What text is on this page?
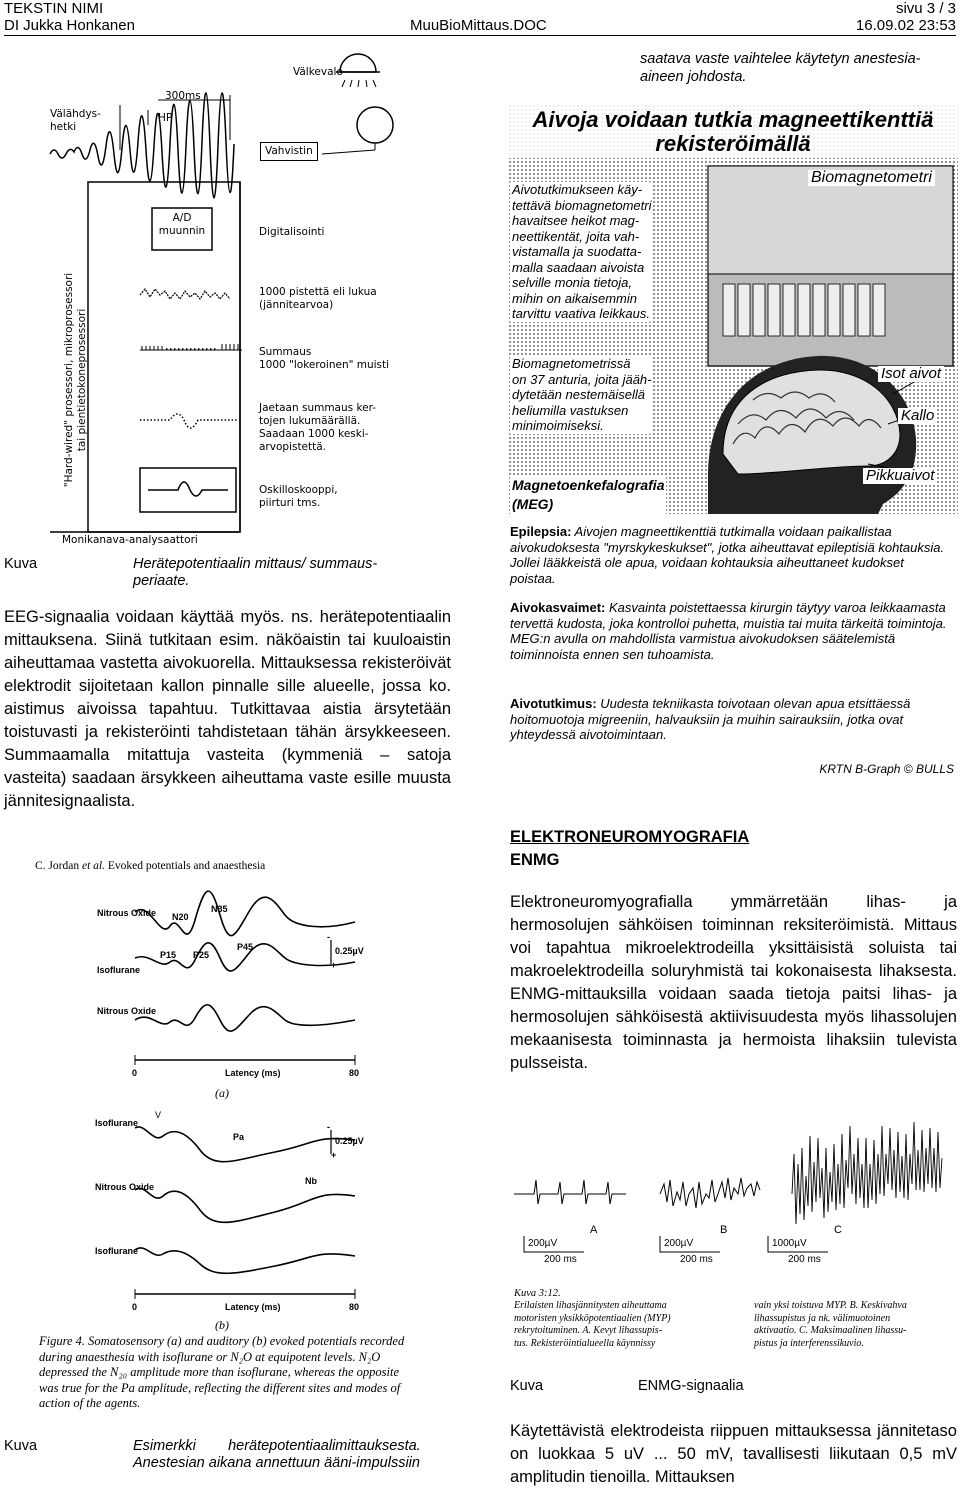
TEKSTIN NIMI
DI Jukka Honkanen	MuuBioMittaus.DOC
sivu 3 / 3
16.09.02 23:53
Välähdys-
hetki
300ms
HP
Välkevalo
Vahvistin
A/D
muunnin
"Hard-wired" prosessori, mikroprosessori
tai pientietokoneprosessori
Digitalisointi
1000 pistettä eli lukua
(jännitearvoa)
Summaus
1000 "lokeroinen" muisti
Jaetaan summaus ker-
tojen lukumäärällä.
Saadaan 1000 keski-
arvopistettä.
Oskilloskooppi,
piirturi tms.
Monikanava-analysaattori
Kuva	Herätepotentiaalin mittaus/ summaus-
periaate.
EEG-signaalia voidaan käyttää myös. ns. herätepotentiaalin mittauksena. Siinä tutkitaan esim. näköaistin tai kuuloaistin aiheuttamaa vastetta aivokuorella. Mittauksessa rekisteröivät elektrodit sijoitetaan kallon pinnalle sille alueelle, jossa ko. aistimus aivoissa tapahtuu. Tutkittavaa aistia ärsytetään toistuvasti ja rekisteröinti tahdistetaan tähän ärsykkeeseen. Summaamalla mitattuja vasteita (kymmeniä – satoja vasteita) saadaan ärsykkeen aiheuttama vaste esille muusta jännitesignaalista.
C. Jordan et al. Evoked potentials and anaesthesia
Nitrous Oxide
Isoflurane
Nitrous Oxide
N20
N35
P15 P25
P45	0.25µV
-
+
0	Latency (ms)	80
(a)
Isoflurane
Nitrous Oxide
Isoflurane
V
Pa
Nb
0.25µV
-
+
0	Latency (ms)	80
(b)
Figure 4. Somatosensory (a) and auditory (b) evoked potentials recorded during anaesthesia with isoflurane or N₂O at equipotent levels. N₂O depressed the N₂₀ amplitude more than isoflurane, whereas the opposite was true for the Pa amplitude, reflecting the different sites and modes of action of the agents.
Kuva	Esimerkki        herätepotentiaalimittauksesta.
Anestesian aikana annettuun ääni-impulssiin
saatava vaste vaihtelee käytetyn anestesia-aineen johdosta.
Aivoja voidaan tutkia magneettikenttiä
rekisteröimällä
Biomagnetometri
Aivotutkimukseen käy-
tettävä biomagnetometri
havaitsee heikot mag-
neettikentät, joita vah-
vistamalla ja suodatta-
malla saadaan aivoista
selville monia tietoja,
mihin on aikaisemmin
tarvittu vaativa leikkaus.
Biomagnetometrissä
on 37 anturia, joita jääh-
dytetään nestemäisellä
heliumilla vastuksen
minimoimiseksi.
Isot aivot
Kallo
Pikkuaivot
Magnetoenkefalografia
(MEG)
Epilepsia: Aivojen magneettikenttiä tutkimalla voidaan paikallistaa aivokudoksesta "myrskykeskukset", jotka aiheuttavat epileptisiä kohtauksia. Jollei lääkkeistä ole apua, voidaan kohtauksia aiheuttaneet kudokset poistaa.
Aivokasvaimet: Kasvainta poistettaessa kirurgin täytyy varoa leikkaamasta tervettä kudosta, joka kontrolloi puhetta, muistia tai muita tärkeitä toimintoja. MEG:n avulla on mahdollista varmistua aivokudoksen säätelemistä toiminnoista ennen sen tuhoamista.
Aivotutkimus: Uudesta tekniikasta toivotaan olevan apua etsittäessä hoitomuotoja migreeniin, halvauksiin ja muihin sairauksiin, jotka ovat yhteydessä aivotoimintaan.
KRTN B-Graph © BULLS
ELEKTRONEUROMYOGRAFIA
ENMG
Elektroneuromyografialla ymmärretään lihas- ja hermosolujen sähköisen toiminnan reksiteröimistä. Mittaus voi tapahtua mikroelektrodeilla yksittäisistä soluista tai makroelektrodeilla soluryhmistä tai kokonaisesta lihaksesta. ENMG-mittauksilla voidaan saada tietoja paitsi lihas- ja hermosolujen sähköisestä aktiivisuudesta myös lihassolujen mekaanisesta toiminnasta ja hermoista lihaksiin tulevista pulsseista.
A	B	C
200µV	200µV	1000µV
200 ms	200 ms	200 ms
Kuva 3:12.
Erilaisten lihasjännitysten aiheuttama
motoristen yksikköpotentiaalien (MYP)
rekrytoituminen. A. Kevyt lihassupis-
tus. Rekisteröintialueella käynnissy
vain yksi toistuva MYP. B. Keskivahva
lihassupistus ja nk. välimuotoinen
aktivaatio. C. Maksimaalinen lihassu-
pistus ja interferenssikuvio.
Kuva	ENMG-signaalia
Käytettävistä elektrodeista riippuen mittauksessa jännitetaso on luokkaa 5 uV ... 50 mV, tavallisesti liikutaan 0,5 mV amplitudin tienoilla. Mittauksen
